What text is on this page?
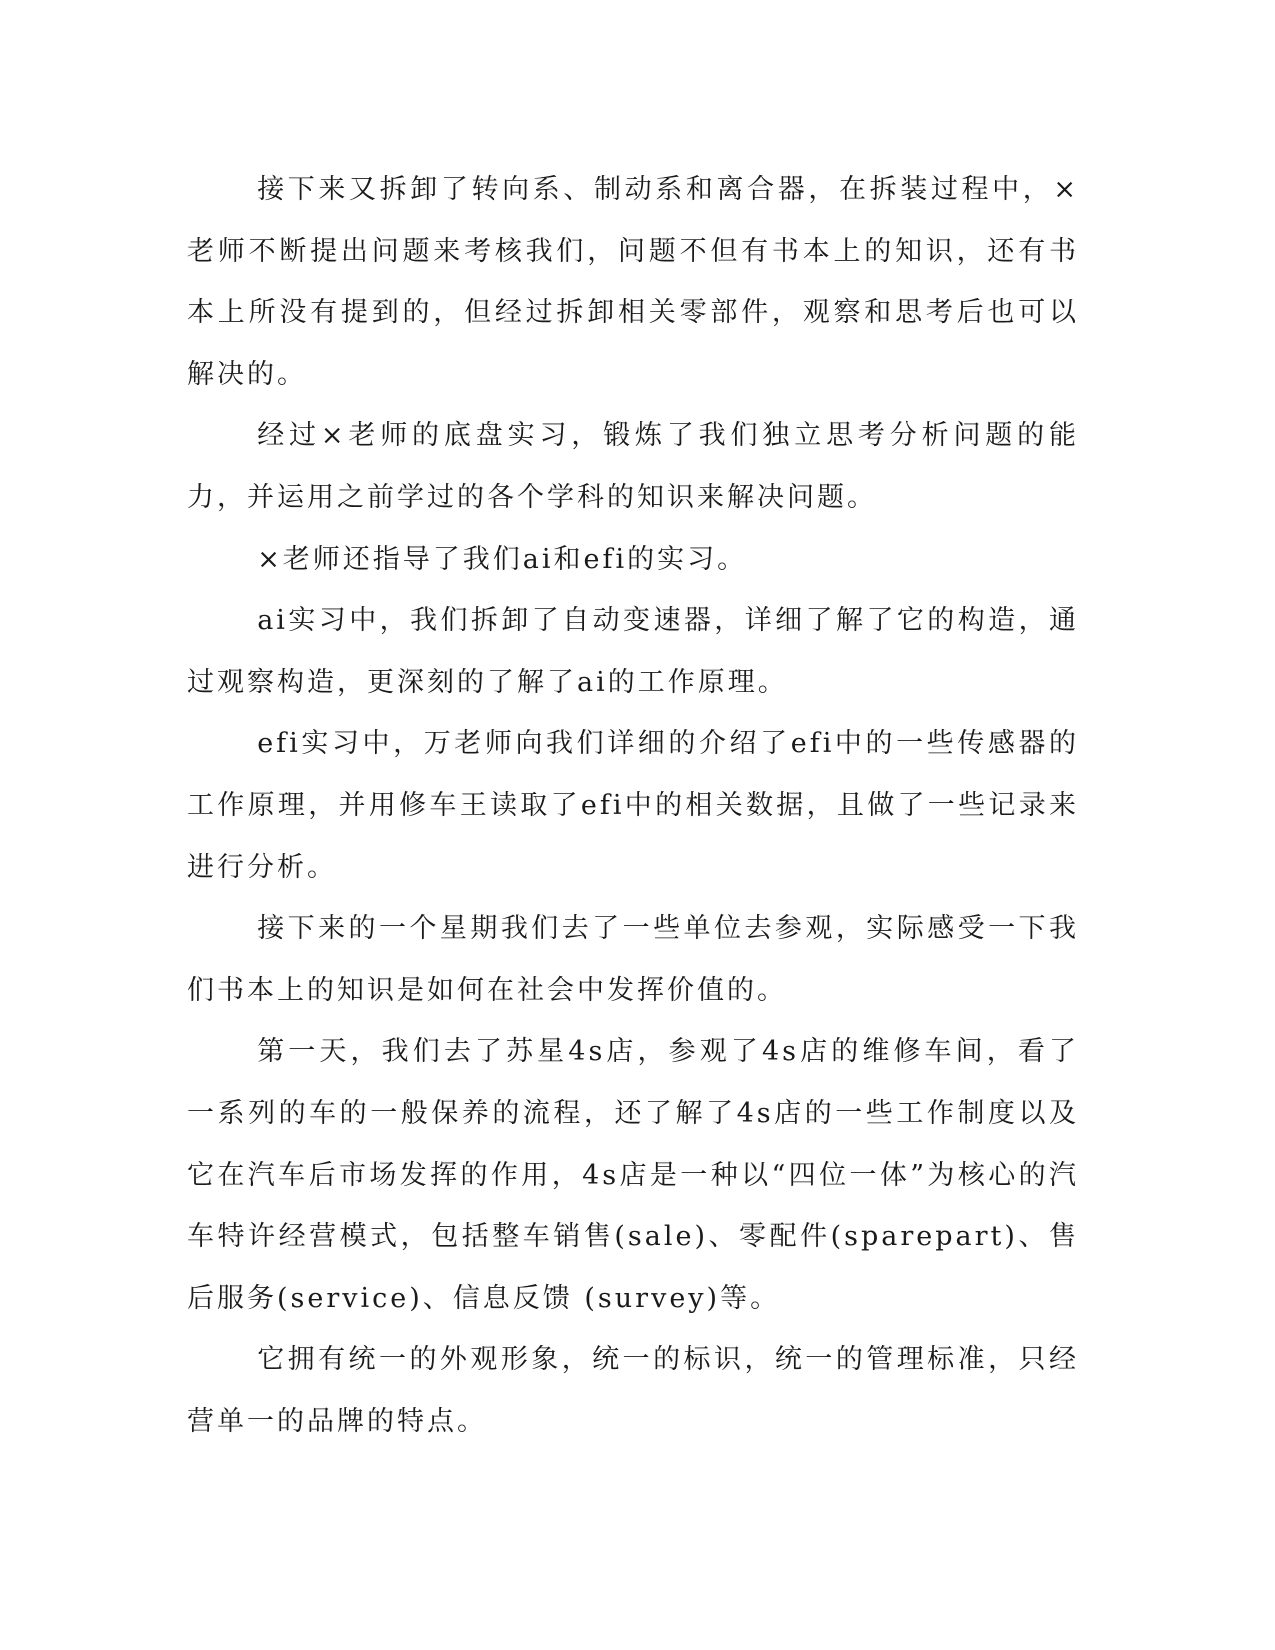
接下来又拆卸了转向系、制动系和离合器，在拆装过程中，×老师不断提出问题来考核我们，问题不但有书本上的知识，还有书本上所没有提到的，但经过拆卸相关零部件，观察和思考后也可以解决的。

经过×老师的底盘实习，锻炼了我们独立思考分析问题的能力，并运用之前学过的各个学科的知识来解决问题。

×老师还指导了我们ai和efi的实习。

ai实习中，我们拆卸了自动变速器，详细了解了它的构造，通过观察构造，更深刻的了解了ai的工作原理。

efi实习中，万老师向我们详细的介绍了efi中的一些传感器的工作原理，并用修车王读取了efi中的相关数据，且做了一些记录来进行分析。

接下来的一个星期我们去了一些单位去参观，实际感受一下我们书本上的知识是如何在社会中发挥价值的。

第一天，我们去了苏星4s店，参观了4s店的维修车间，看了一系列的车的一般保养的流程，还了解了4s店的一些工作制度以及它在汽车后市场发挥的作用，4s店是一种以“四位一体”为核心的汽车特许经营模式，包括整车销售(sale)、零配件(sparepart)、售后服务(service)、信息反馈 (survey)等。

它拥有统一的外观形象，统一的标识，统一的管理标准，只经营单一的品牌的特点。
